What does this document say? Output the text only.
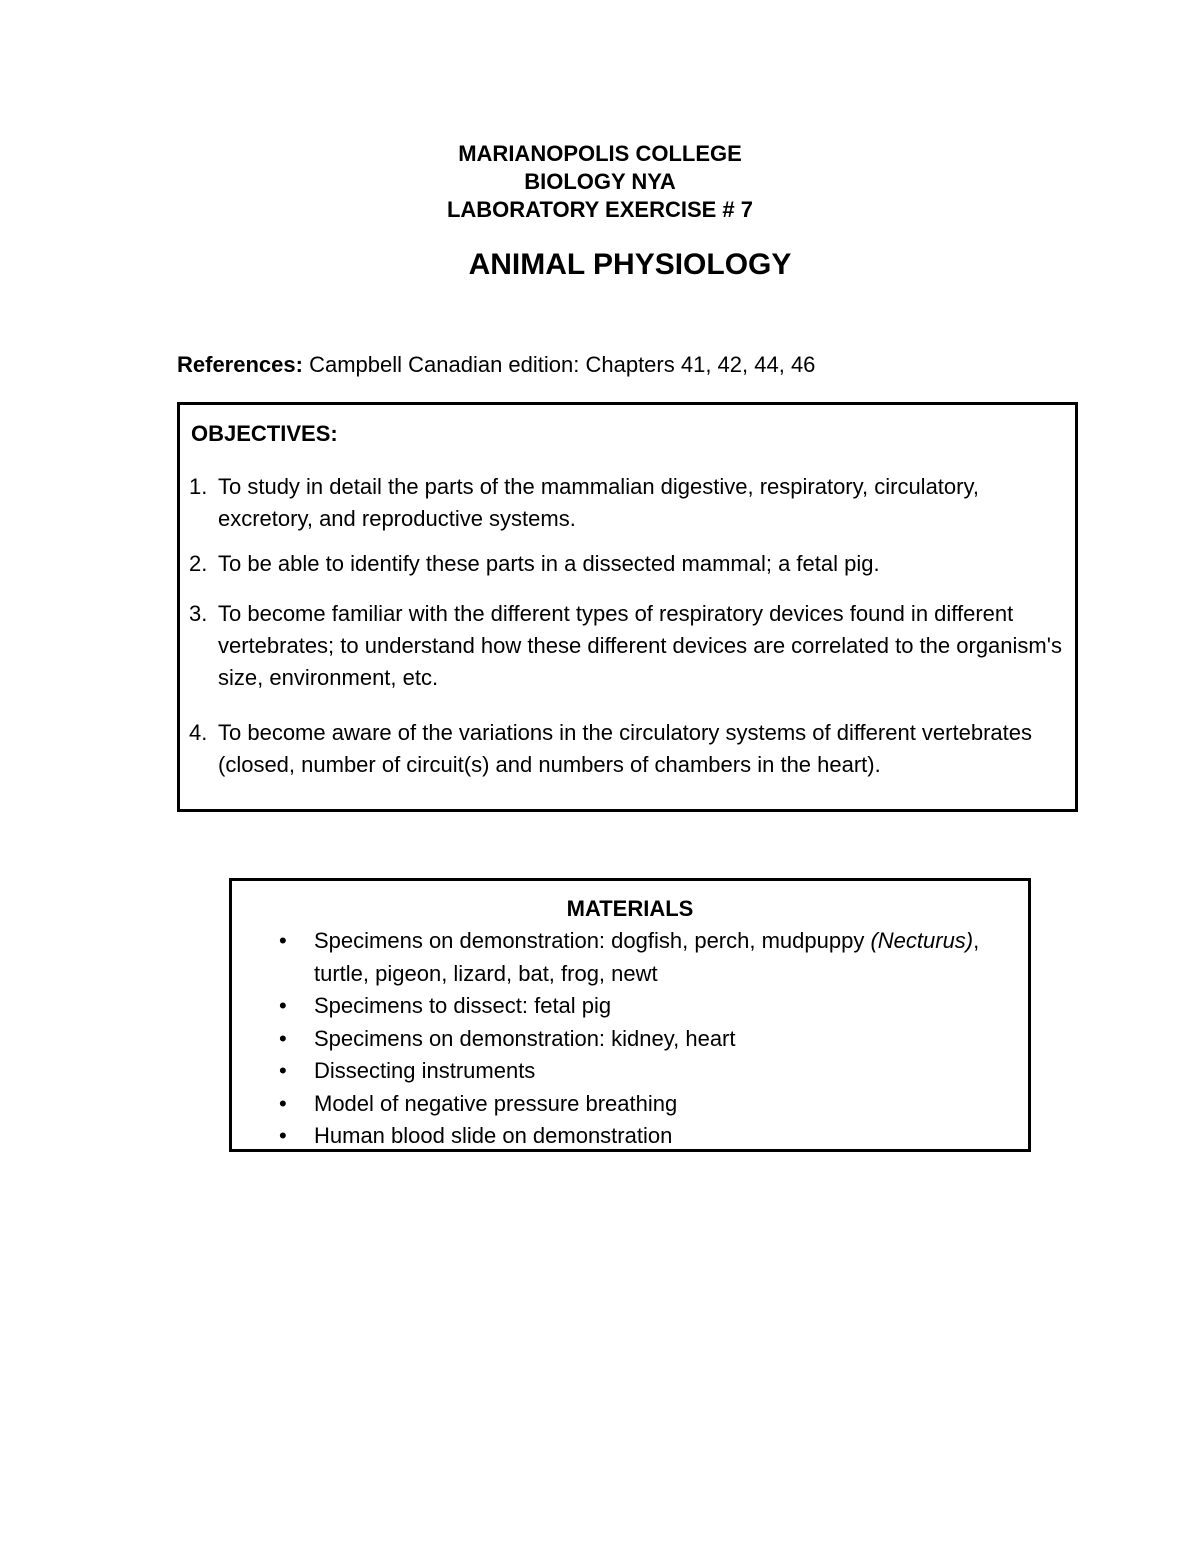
MARIANOPOLIS COLLEGE
BIOLOGY NYA
LABORATORY EXERCISE # 7
ANIMAL PHYSIOLOGY
References: Campbell Canadian edition: Chapters 41, 42, 44, 46
OBJECTIVES:
1. To study in detail the parts of the mammalian digestive, respiratory, circulatory, excretory, and reproductive systems.
2. To be able to identify these parts in a dissected mammal; a fetal pig.
3. To become familiar with the different types of respiratory devices found in different vertebrates; to understand how these different devices are correlated to the organism's size, environment, etc.
4. To become aware of the variations in the circulatory systems of different vertebrates (closed, number of circuit(s) and numbers of chambers in the heart).
MATERIALS
• Specimens on demonstration: dogfish, perch, mudpuppy (Necturus), turtle, pigeon, lizard, bat, frog, newt
• Specimens to dissect: fetal pig
• Specimens on demonstration: kidney, heart
• Dissecting instruments
• Model of negative pressure breathing
• Human blood slide on demonstration
